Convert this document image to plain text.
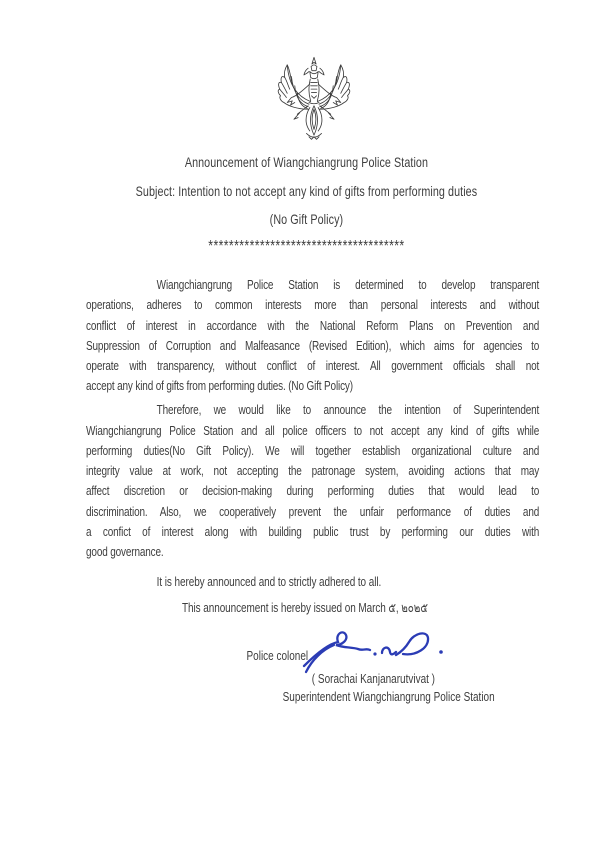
Announcement of Wiangchiangrung Police Station
Subject: Intention to not accept any kind of gifts from performing duties
(No Gift Policy)
**************************************
Wiangchiangrung Police Station is determined to develop transparent
operations, adheres to common interests more than personal interests and without
conflict of interest in accordance with the National Reform Plans on Prevention and
Suppression of Corruption and Malfeasance (Revised Edition), which aims for agencies to
operate with transparency, without conflict of interest. All government officials shall not
accept any kind of gifts from performing duties. (No Gift Policy)
Therefore, we would like to announce the intention of Superintendent
Wiangchiangrung Police Station and all police officers to not accept any kind of gifts while
performing duties(No Gift Policy). We will together establish organizational culture and
integrity value at work, not accepting the patronage system, avoiding actions that may
affect discretion or decision-making during performing duties that would lead to
discrimination. Also, we cooperatively prevent the unfair performance of duties and
a confict of interest along with building public trust by performing our duties with
good governance.
It is hereby announced and to strictly adhered to all.
This announcement is hereby issued on March ๕, ๒๐๒๕
Police colonel
( Sorachai Kanjanarutvivat )
Superintendent Wiangchiangrung Police Station
